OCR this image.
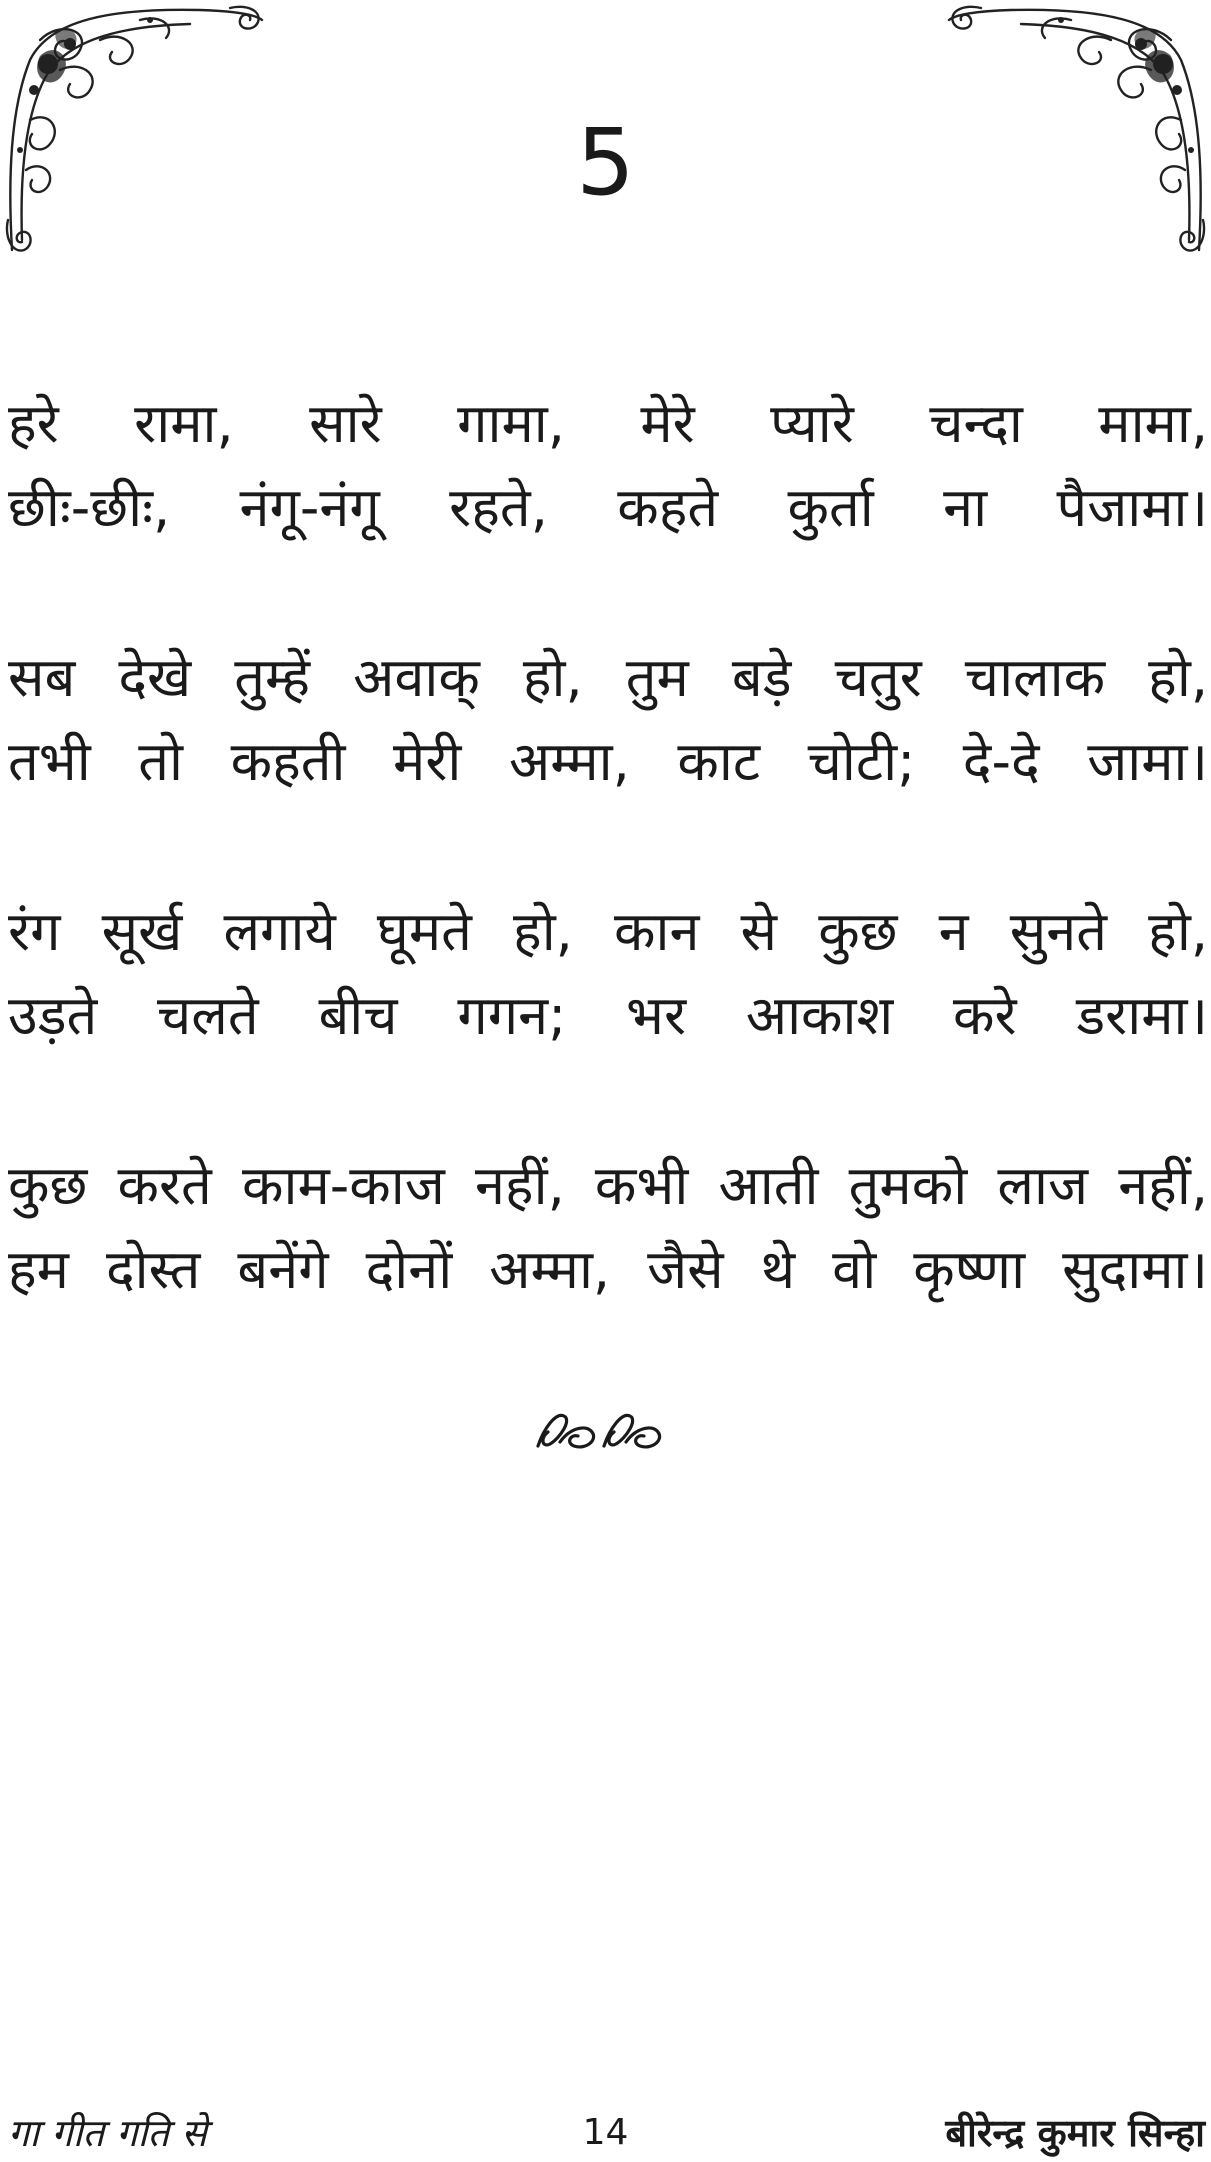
5
हरे रामा, सारे गामा, मेरे प्यारे चन्दा मामा,
छीः-छीः, नंगू-नंगू रहते, कहते कुर्ता ना पैजामा।
सब देखे तुम्हें अवाक् हो, तुम बड़े चतुर चालाक हो,
तभी तो कहती मेरी अम्मा, काट चोटी; दे-दे जामा।
रंग सूर्ख लगाये घूमते हो, कान से कुछ न सुनते हो,
उड़ते चलते बीच गगन; भर आकाश करे डरामा।
कुछ करते काम-काज नहीं, कभी आती तुमको लाज नहीं,
हम दोस्त बनेंगे दोनों अम्मा, जैसे थे वो कृष्णा सुदामा।
गा गीत गति से	14	बीरेन्द्र कुमार सिन्हा
